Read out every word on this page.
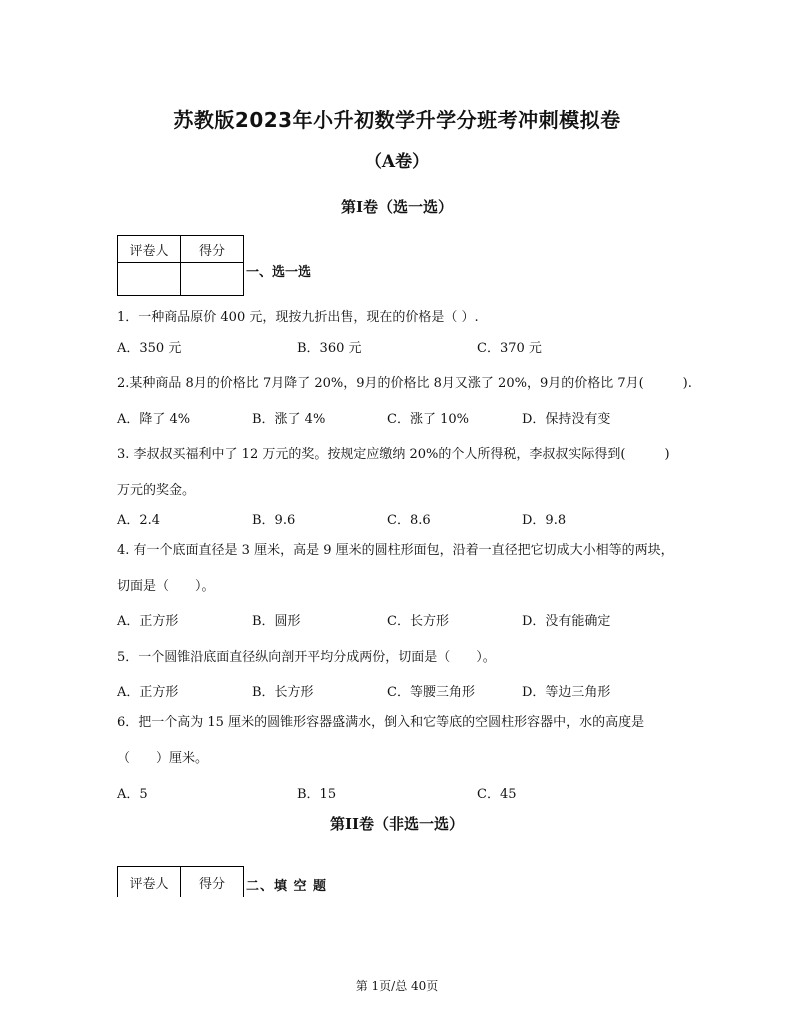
苏教版2023年小升初数学升学分班考冲刺模拟卷
（A卷）
第I卷（选一选）
评卷人	得分

一、选一选
1．一种商品原价 400 元，现按九折出售，现在的价格是（ ）.
A．350 元	B．360 元	C．370 元
2.某种商品 8月的价格比 7月降了 20%，9月的价格比 8月又涨了 20%，9月的价格比 7月(　　　).
A．降了 4%	B．涨了 4%	C．涨了 10%	D．保持没有变
3. 李叔叔买福利中了 12 万元的奖。按规定应缴纳 20%的个人所得税，李叔叔实际得到(　　　)
万元的奖金。
A．2.4	B．9.6	C．8.6	D．9.8
4. 有一个底面直径是 3 厘米，高是 9 厘米的圆柱形面包，沿着一直径把它切成大小相等的两块，
切面是（　　）。
A．正方形	B．圆形	C．长方形	D．没有能确定
5．一个圆锥沿底面直径纵向剖开平均分成两份，切面是（　　）。
A．正方形	B．长方形	C．等腰三角形	D．等边三角形
6．把一个高为 15 厘米的圆锥形容器盛满水，倒入和它等底的空圆柱形容器中，水的高度是
（　　）厘米。
A．5	B．15	C．45
第II卷（非选一选）
评卷人	得分 二、填 空 题
第 1页/总 40页
